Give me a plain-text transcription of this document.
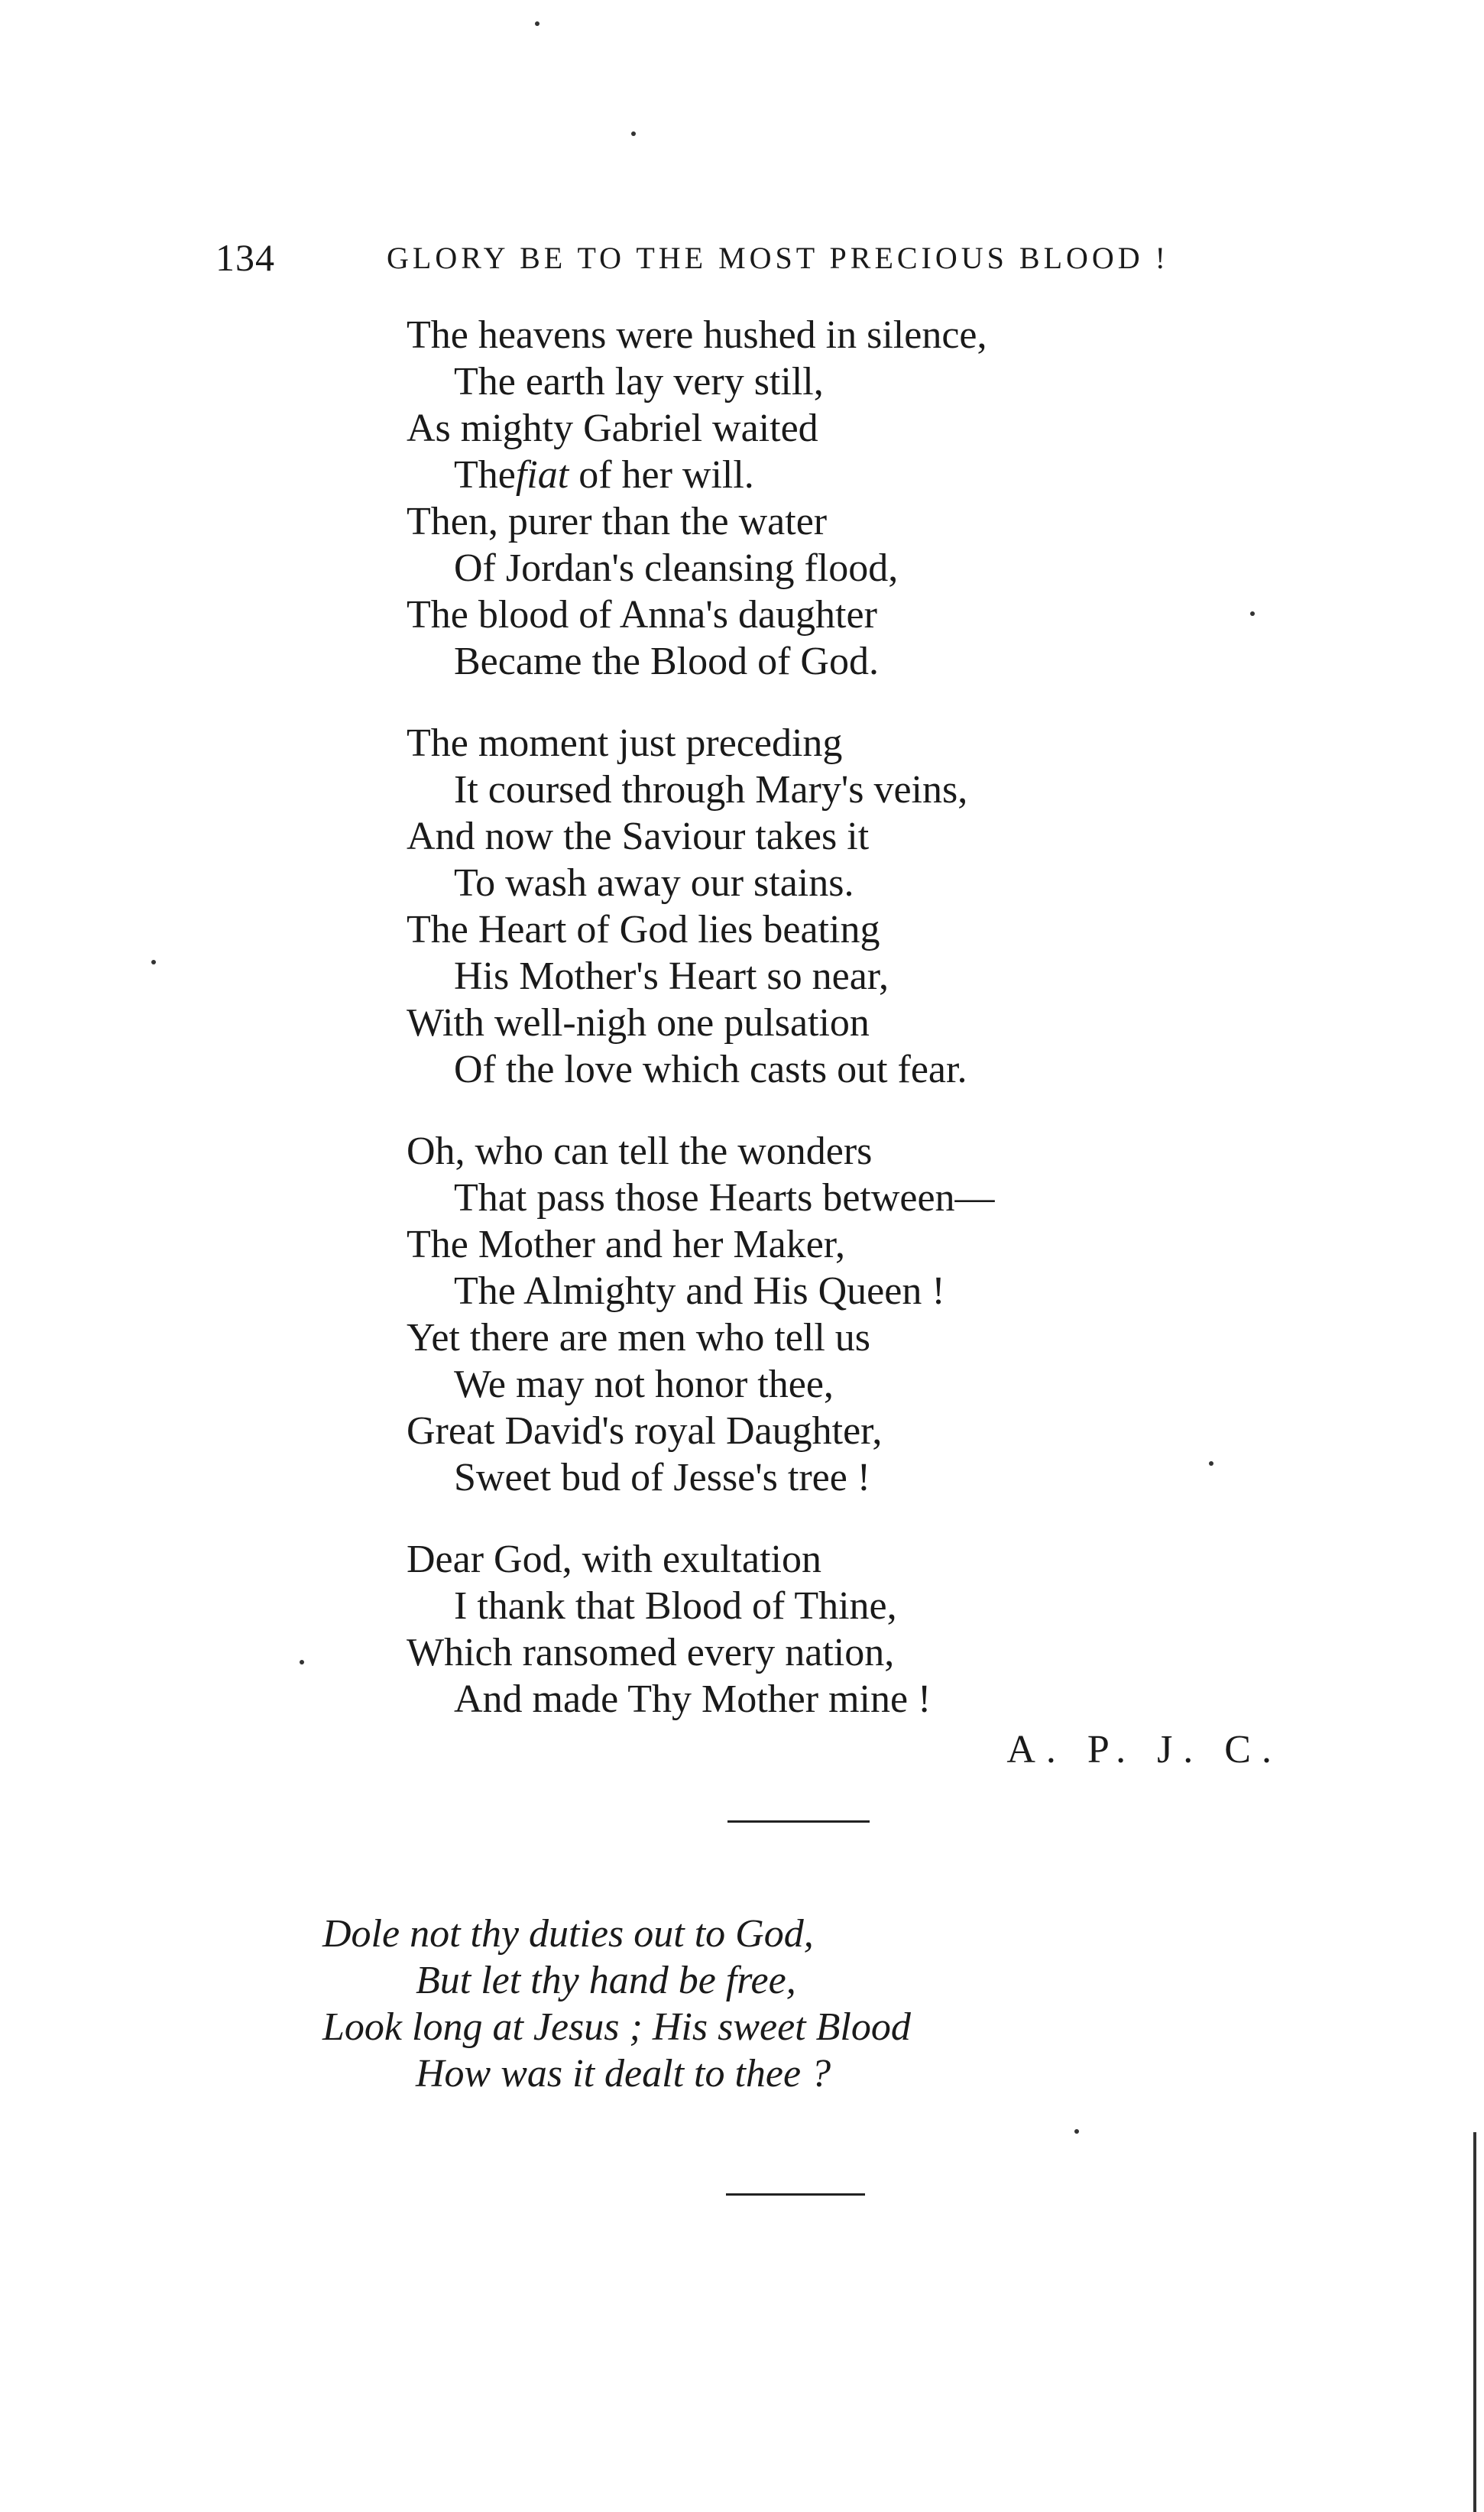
134	GLORY BE TO THE MOST PRECIOUS BLOOD !
The heavens were hushed in silence,
The earth lay very still,
As mighty Gabriel waited
Thefiat of her will.
Then, purer than the water
Of Jordan's cleansing flood,
The blood of Anna's daughter
Became the Blood of God.
The moment just preceding
It coursed through Mary's veins,
And now the Saviour takes it
To wash away our stains.
The Heart of God lies beating
His Mother's Heart so near,
With well-nigh one pulsation
Of the love which casts out fear.
Oh, who can tell the wonders
That pass those Hearts between—
The Mother and her Maker,
The Almighty and His Queen !
Yet there are men who tell us
We may not honor thee,
Great David's royal Daughter,
Sweet bud of Jesse's tree !
Dear God, with exultation
I thank that Blood of Thine,
Which ransomed every nation,
And made Thy Mother mine !
A. P. J. C.
Dole not thy duties out to God,
But let thy hand be free,
Look long at Jesus ; His sweet Blood
How was it dealt to thee ?
